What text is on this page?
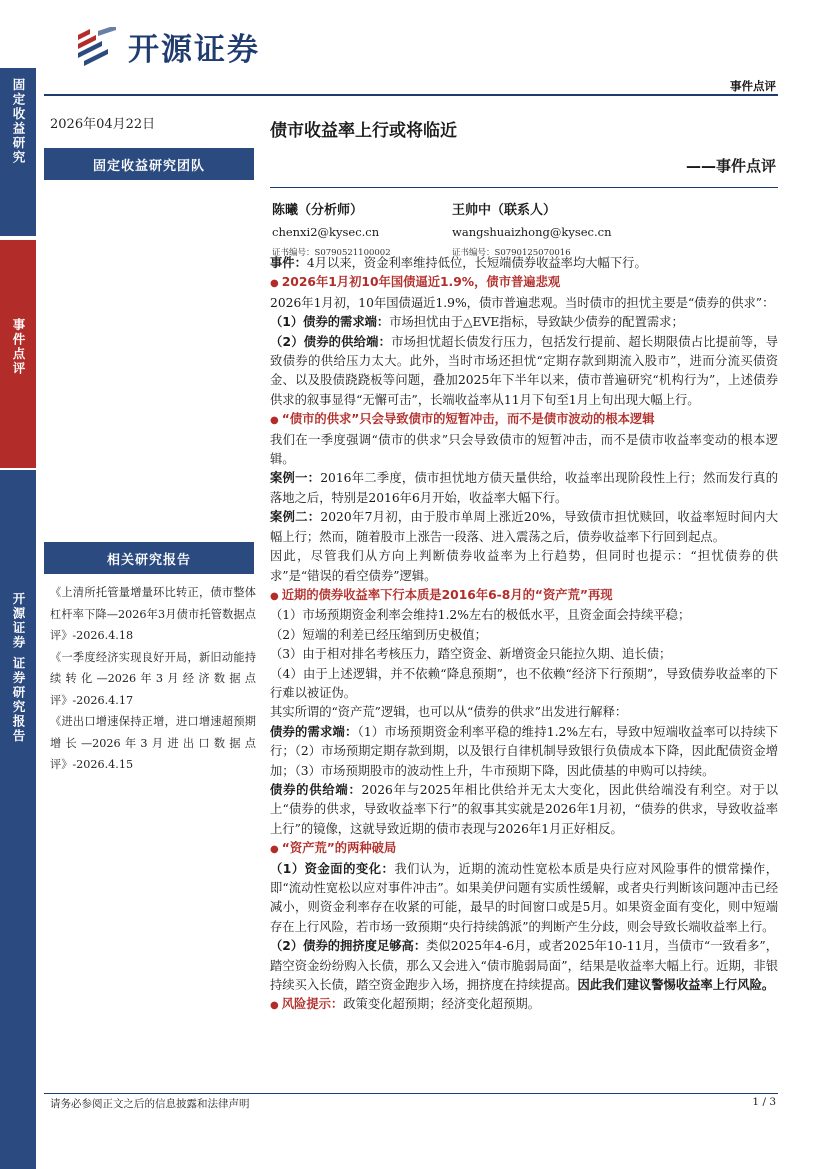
固定收益研究
事件点评
开源证券 证券研究报告
开源证券
事件点评
2026年04月22日
固定收益研究团队
相关研究报告
《上清所托管量增量环比转正，债市整体杠杆率下降—2026年3月债市托管数据点评》-2026.4.18
《一季度经济实现良好开局，新旧动能持续转化—2026年3月经济数据点评》-2026.4.17
《进出口增速保持正增，进口增速超预期增长—2026年3月进出口数据点评》-2026.4.15
债市收益率上行或将临近
——事件点评
陈曦（分析师）
chenxi2@kysec.cn
证书编号：S0790521100002
王帅中（联系人）
wangshuaizhong@kysec.cn
证书编号：S0790125070016

事件：4月以来，资金利率维持低位，长短端债券收益率均大幅下行。

● 2026年1月初10年国债逼近1.9%，债市普遍悲观

2026年1月初，10年国债逼近1.9%，债市普遍悲观。当时债市的担忧主要是“债券的供求”：

（1）债券的需求端：市场担忧由于△EVE指标，导致缺少债券的配置需求；

（2）债券的供给端：市场担忧超长债发行压力，包括发行提前、超长期限债占比提前等，导致债券的供给压力太大。此外，当时市场还担忧“定期存款到期流入股市”，进而分流买债资金、以及股债跷跷板等问题，叠加2025年下半年以来，债市普遍研究“机构行为”，上述债券供求的叙事显得“无懈可击”，长端收益率从11月下旬至1月上旬出现大幅上行。

● “债市的供求”只会导致债市的短暂冲击，而不是债市波动的根本逻辑

我们在一季度强调“债市的供求”只会导致债市的短暂冲击，而不是债市收益率变动的根本逻辑。

案例一：2016年二季度，债市担忧地方债天量供给，收益率出现阶段性上行；然而发行真的落地之后，特别是2016年6月开始，收益率大幅下行。

案例二：2020年7月初，由于股市单周上涨近20%，导致债市担忧赎回，收益率短时间内大幅上行；然而，随着股市上涨告一段落、进入震荡之后，债券收益率下行回到起点。

因此，尽管我们从方向上判断债券收益率为上行趋势，但同时也提示：“担忧债券的供求”是“错误的看空债券”逻辑。

● 近期的债券收益率下行本质是2016年6-8月的“资产荒”再现

（1）市场预期资金利率会维持1.2%左右的极低水平，且资金面会持续平稳；

（2）短端的利差已经压缩到历史极值；

（3）由于相对排名考核压力，踏空资金、新增资金只能拉久期、追长债；

（4）由于上述逻辑，并不依赖“降息预期”，也不依赖“经济下行预期”，导致债券收益率的下行难以被证伪。

其实所谓的“资产荒”逻辑，也可以从“债券的供求”出发进行解释：

债券的需求端：（1）市场预期资金利率平稳的维持1.2%左右，导致中短端收益率可以持续下行；（2）市场预期定期存款到期，以及银行自律机制导致银行负债成本下降，因此配债资金增加；（3）市场预期股市的波动性上升，牛市预期下降，因此债基的申购可以持续。

债券的供给端：2026年与2025年相比供给并无太大变化，因此供给端没有利空。对于以上“债券的供求，导致收益率下行”的叙事其实就是2026年1月初，“债券的供求，导致收益率上行”的镜像，这就导致近期的债市表现与2026年1月正好相反。

● “资产荒”的两种破局

（1）资金面的变化：我们认为，近期的流动性宽松本质是央行应对风险事件的惯常操作，即“流动性宽松以应对事件冲击”。如果美伊问题有实质性缓解，或者央行判断该问题冲击已经减小，则资金利率存在收紧的可能，最早的时间窗口或是5月。如果资金面有变化，则中短端存在上行风险，若市场一致预期“央行持续鸽派”的判断产生分歧，则会导致长端收益率上行。

（2）债券的拥挤度足够高：类似2025年4-6月，或者2025年10-11月，当债市“一致看多”，踏空资金纷纷购入长债，那么又会进入“债市脆弱局面”，结果是收益率大幅上行。近期，非银持续买入长债，踏空资金跑步入场，拥挤度在持续提高。因此我们建议警惕收益率上行风险。

● 风险提示：政策变化超预期；经济变化超预期。

请务必参阅正文之后的信息披露和法律声明	1 / 3
